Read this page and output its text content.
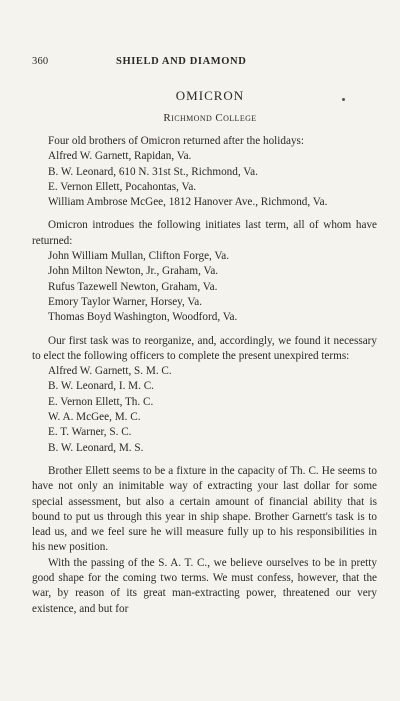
360	SHIELD AND DIAMOND
OMICRON
Richmond College

Four old brothers of Omicron returned after the holidays:

Alfred W. Garnett, Rapidan, Va.
B. W. Leonard, 610 N. 31st St., Richmond, Va.
E. Vernon Ellett, Pocahontas, Va.
William Ambrose McGee, 1812 Hanover Ave., Richmond, Va.

Omicron introdues the following initiates last term, all of whom have returned:

John William Mullan, Clifton Forge, Va.
John Milton Newton, Jr., Graham, Va.
Rufus Tazewell Newton, Graham, Va.
Emory Taylor Warner, Horsey, Va.
Thomas Boyd Washington, Woodford, Va.

Our first task was to reorganize, and, accordingly, we found it necessary to elect the following officers to complete the present unexpired terms:

Alfred W. Garnett, S. M. C.
B. W. Leonard, I. M. C.
E. Vernon Ellett, Th. C.
W. A. McGee, M. C.
E. T. Warner, S. C.
B. W. Leonard, M. S.

Brother Ellett seems to be a fixture in the capacity of Th. C. He seems to have not only an inimitable way of extracting your last dollar for some special assessment, but also a certain amount of financial ability that is bound to put us through this year in ship shape. Brother Garnett's task is to lead us, and we feel sure he will measure fully up to his responsibilities in his new position.

With the passing of the S. A. T. C., we believe ourselves to be in pretty good shape for the coming two terms. We must confess, however, that the war, by reason of its great man-extracting power, threatened our very existence, and but for
